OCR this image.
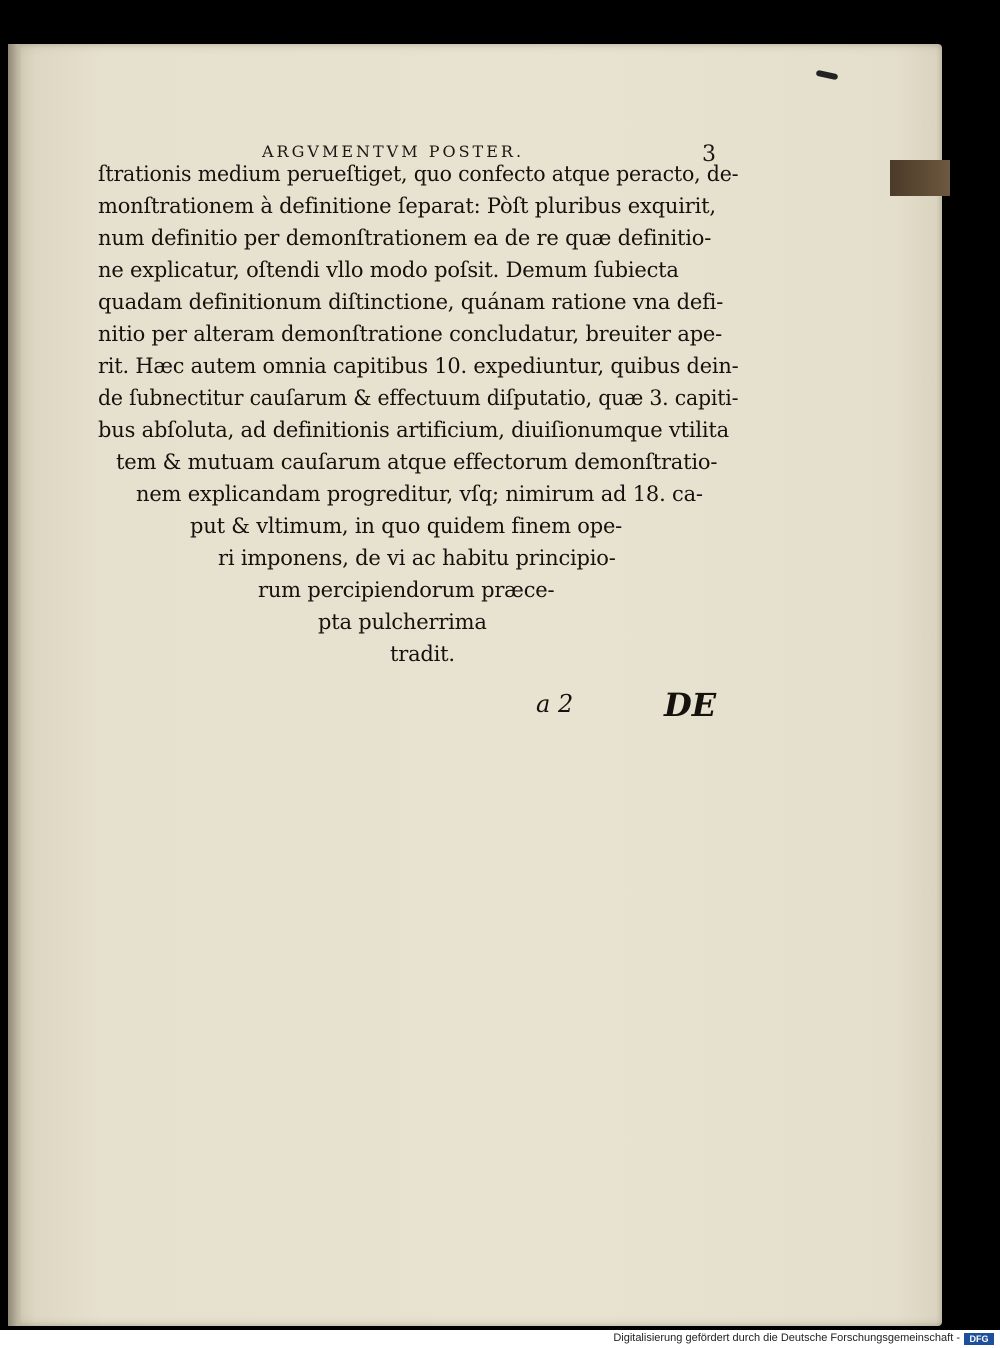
ARGVMENTVM POSTER.	3
ſtrationis medium perueſtiget, quo confecto atque peracto, de-
monſtrationem à definitione ſeparat: Pòſt pluribus exquirit,
num definitio per demonſtrationem ea de re quæ definitio-
ne explicatur, oſtendi vllo modo poſsit. Demum ſubiecta
quadam definitionum diſtinctione, quánam ratione vna defi-
nitio per alteram demonſtratione concludatur, breuiter ape-
rit. Hæc autem omnia capitibus 10. expediuntur, quibus dein-
de ſubnectitur cauſarum & effectuum diſputatio, quæ 3. capiti-
bus abſoluta, ad definitionis artificium, diuiſionumque vtilita
tem & mutuam cauſarum atque effectorum demonſtratio-
nem explicandam progreditur, vſq; nimirum ad 18. ca-
put & vltimum, in quo quidem finem ope-
ri imponens, de vi ac habitu principio-
rum percipiendorum præce-
pta pulcherrima
tradit.
a 2	DE
Digitalisierung gefördert durch die Deutsche Forschungsgemeinschaft -	DFG
